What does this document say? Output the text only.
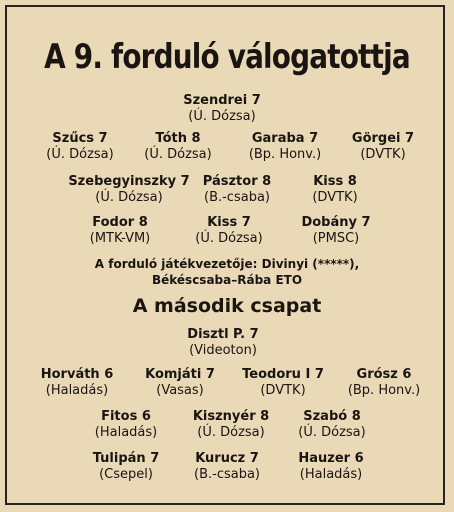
A 9. forduló válogatottja
Szendrei 7
(Ú. Dózsa)
Szűcs 7
(Ú. Dózsa)
Tóth 8
(Ú. Dózsa)
Garaba 7
(Bp. Honv.)
Görgei 7
(DVTK)
Szebegyinszky 7
(Ú. Dózsa)
Pásztor 8
(B.-csaba)
Kiss 8
(DVTK)
Fodor 8
(MTK-VM)
Kiss 7
(Ú. Dózsa)
Dobány 7
(PMSC)
A forduló játékvezetője: Divinyi (*****),
Békéscsaba–Rába ETO
A második csapat
Disztl P. 7
(Videoton)
Horváth 6
(Haladás)
Komjáti 7
(Vasas)
Teodoru I 7
(DVTK)
Grósz 6
(Bp. Honv.)
Fitos 6
(Haladás)
Kisznyér 8
(Ú. Dózsa)
Szabó 8
(Ú. Dózsa)
Tulipán 7
(Csepel)
Kurucz 7
(B.-csaba)
Hauzer 6
(Haladás)
